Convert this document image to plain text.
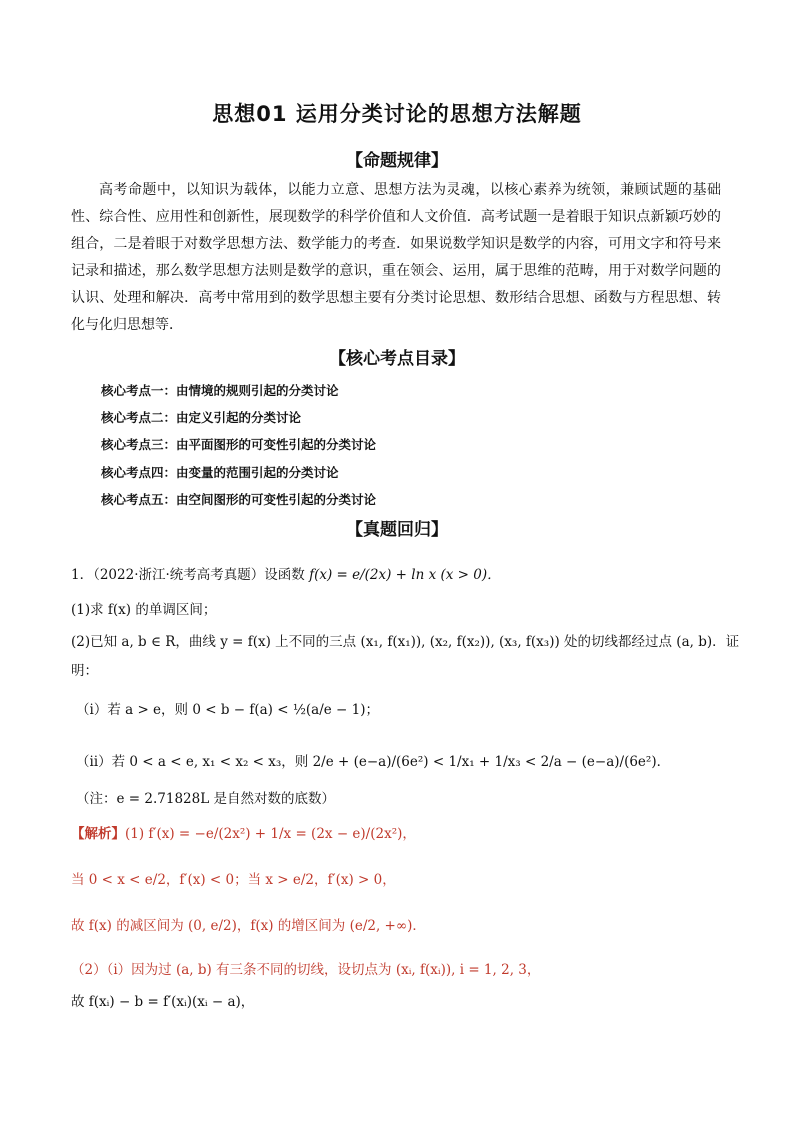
思想01 运用分类讨论的思想方法解题
【命题规律】
高考命题中，以知识为载体，以能力立意、思想方法为灵魂，以核心素养为统领，兼顾试题的基础性、综合性、应用性和创新性，展现数学的科学价值和人文价值．高考试题一是着眼于知识点新颖巧妙的组合，二是着眼于对数学思想方法、数学能力的考查．如果说数学知识是数学的内容，可用文字和符号来记录和描述，那么数学思想方法则是数学的意识，重在领会、运用，属于思维的范畴，用于对数学问题的认识、处理和解决．高考中常用到的数学思想主要有分类讨论思想、数形结合思想、函数与方程思想、转化与化归思想等．
【核心考点目录】
核心考点一：由情境的规则引起的分类讨论
核心考点二：由定义引起的分类讨论
核心考点三：由平面图形的可变性引起的分类讨论
核心考点四：由变量的范围引起的分类讨论
核心考点五：由空间图形的可变性引起的分类讨论
【真题回归】
1．（2022·浙江·统考高考真题）设函数 f(x) = e/(2x) + ln x (x > 0)．
(1)求 f(x) 的单调区间；
(2)已知 a, b ∈ R，曲线 y = f(x) 上不同的三点 (x₁, f(x₁)), (x₂, f(x₂)), (x₃, f(x₃)) 处的切线都经过点 (a, b)．证
明：
（ⅰ）若 a > e，则 0 < b − f(a) < ½(a/e − 1)；
（ⅱ）若 0 < a < e, x₁ < x₂ < x₃，则 2/e + (e−a)/(6e²) < 1/x₁ + 1/x₃ < 2/a − (e−a)/(6e²)．
（注：e = 2.71828L 是自然对数的底数）
【解析】(1) f′(x) = −e/(2x²) + 1/x = (2x − e)/(2x²)，
当 0 < x < e/2，f′(x) < 0；当 x > e/2，f′(x) > 0，
故 f(x) 的减区间为 (0, e/2)，f(x) 的增区间为 (e/2, +∞)．
（2）（ⅰ）因为过 (a, b) 有三条不同的切线，设切点为 (xᵢ, f(xᵢ)), i = 1, 2, 3，
故 f(xᵢ) − b = f′(xᵢ)(xᵢ − a)，
